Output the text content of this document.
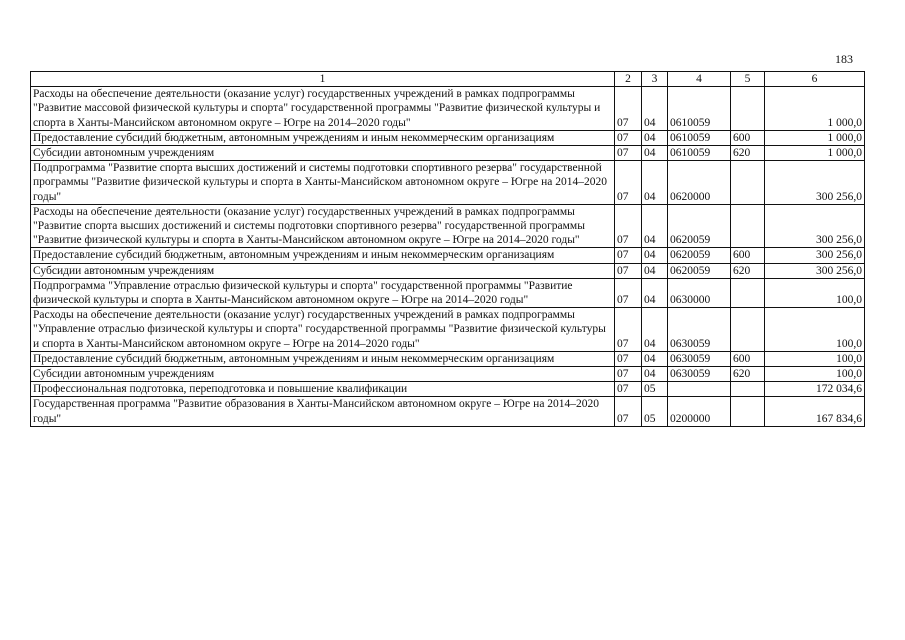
183
1	2	3	4	5	6
Расходы на обеспечение деятельности (оказание услуг) государственных учреждений в рамках подпрограммы "Развитие массовой физической культуры и спорта" государственной программы "Развитие физической культуры и спорта в Ханты-Мансийском автономном округе – Югре на 2014–2020 годы"	07	04	0610059		1 000,0
Предоставление субсидий бюджетным, автономным учреждениям и иным некоммерческим организациям	07	04	0610059	600	1 000,0
Субсидии автономным учреждениям	07	04	0610059	620	1 000,0
Подпрограмма "Развитие спорта высших достижений и системы подготовки спортивного резерва" государственной программы "Развитие физической культуры и спорта в Ханты-Мансийском автономном округе – Югре на 2014–2020 годы"	07	04	0620000		300 256,0
Расходы на обеспечение деятельности (оказание услуг) государственных учреждений в рамках подпрограммы "Развитие спорта высших достижений и системы подготовки спортивного резерва" государственной программы "Развитие физической культуры и спорта в Ханты-Мансийском автономном округе – Югре на 2014–2020 годы"	07	04	0620059		300 256,0
Предоставление субсидий бюджетным, автономным учреждениям и иным некоммерческим организациям	07	04	0620059	600	300 256,0
Субсидии автономным учреждениям	07	04	0620059	620	300 256,0
Подпрограмма "Управление отраслью физической культуры и спорта" государственной программы "Развитие физической культуры и спорта в Ханты-Мансийском автономном округе – Югре на 2014–2020 годы"	07	04	0630000		100,0
Расходы на обеспечение деятельности (оказание услуг) государственных учреждений в рамках подпрограммы "Управление отраслью физической культуры и спорта" государственной программы "Развитие физической культуры и спорта в Ханты-Мансийском автономном округе – Югре на 2014–2020 годы"	07	04	0630059		100,0
Предоставление субсидий бюджетным, автономным учреждениям и иным некоммерческим организациям	07	04	0630059	600	100,0
Субсидии автономным учреждениям	07	04	0630059	620	100,0
Профессиональная подготовка, переподготовка и повышение квалификации	07	05			172 034,6
Государственная программа "Развитие образования в Ханты-Мансийском автономном округе – Югре на 2014–2020 годы"	07	05	0200000		167 834,6
